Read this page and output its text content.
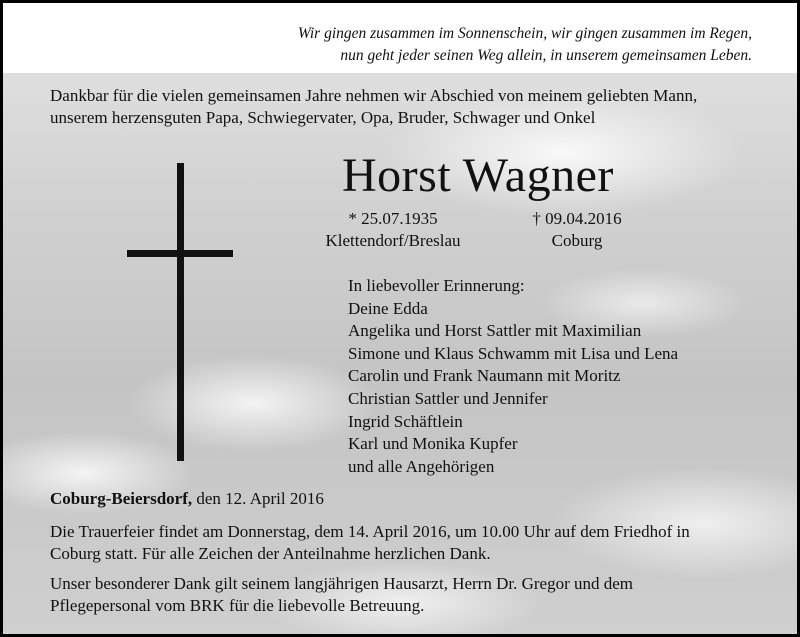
Wir gingen zusammen im Sonnenschein, wir gingen zusammen im Regen,
nun geht jeder seinen Weg allein, in unserem gemeinsamen Leben.
Dankbar für die vielen gemeinsamen Jahre nehmen wir Abschied von meinem geliebten Mann,
unserem herzensguten Papa, Schwiegervater, Opa, Bruder, Schwager und Onkel
Horst Wagner
* 25.07.1935
Klettendorf/Breslau
† 09.04.2016
Coburg
In liebevoller Erinnerung:
Deine Edda
Angelika und Horst Sattler mit Maximilian
Simone und Klaus Schwamm mit Lisa und Lena
Carolin und Frank Naumann mit Moritz
Christian Sattler und Jennifer
Ingrid Schäftlein
Karl und Monika Kupfer
und alle Angehörigen
Coburg-Beiersdorf, den 12. April 2016
Die Trauerfeier findet am Donnerstag, dem 14. April 2016, um 10.00 Uhr auf dem Friedhof in
Coburg statt. Für alle Zeichen der Anteilnahme herzlichen Dank.
Unser besonderer Dank gilt seinem langjährigen Hausarzt, Herrn Dr. Gregor und dem
Pflegepersonal vom BRK für die liebevolle Betreuung.
